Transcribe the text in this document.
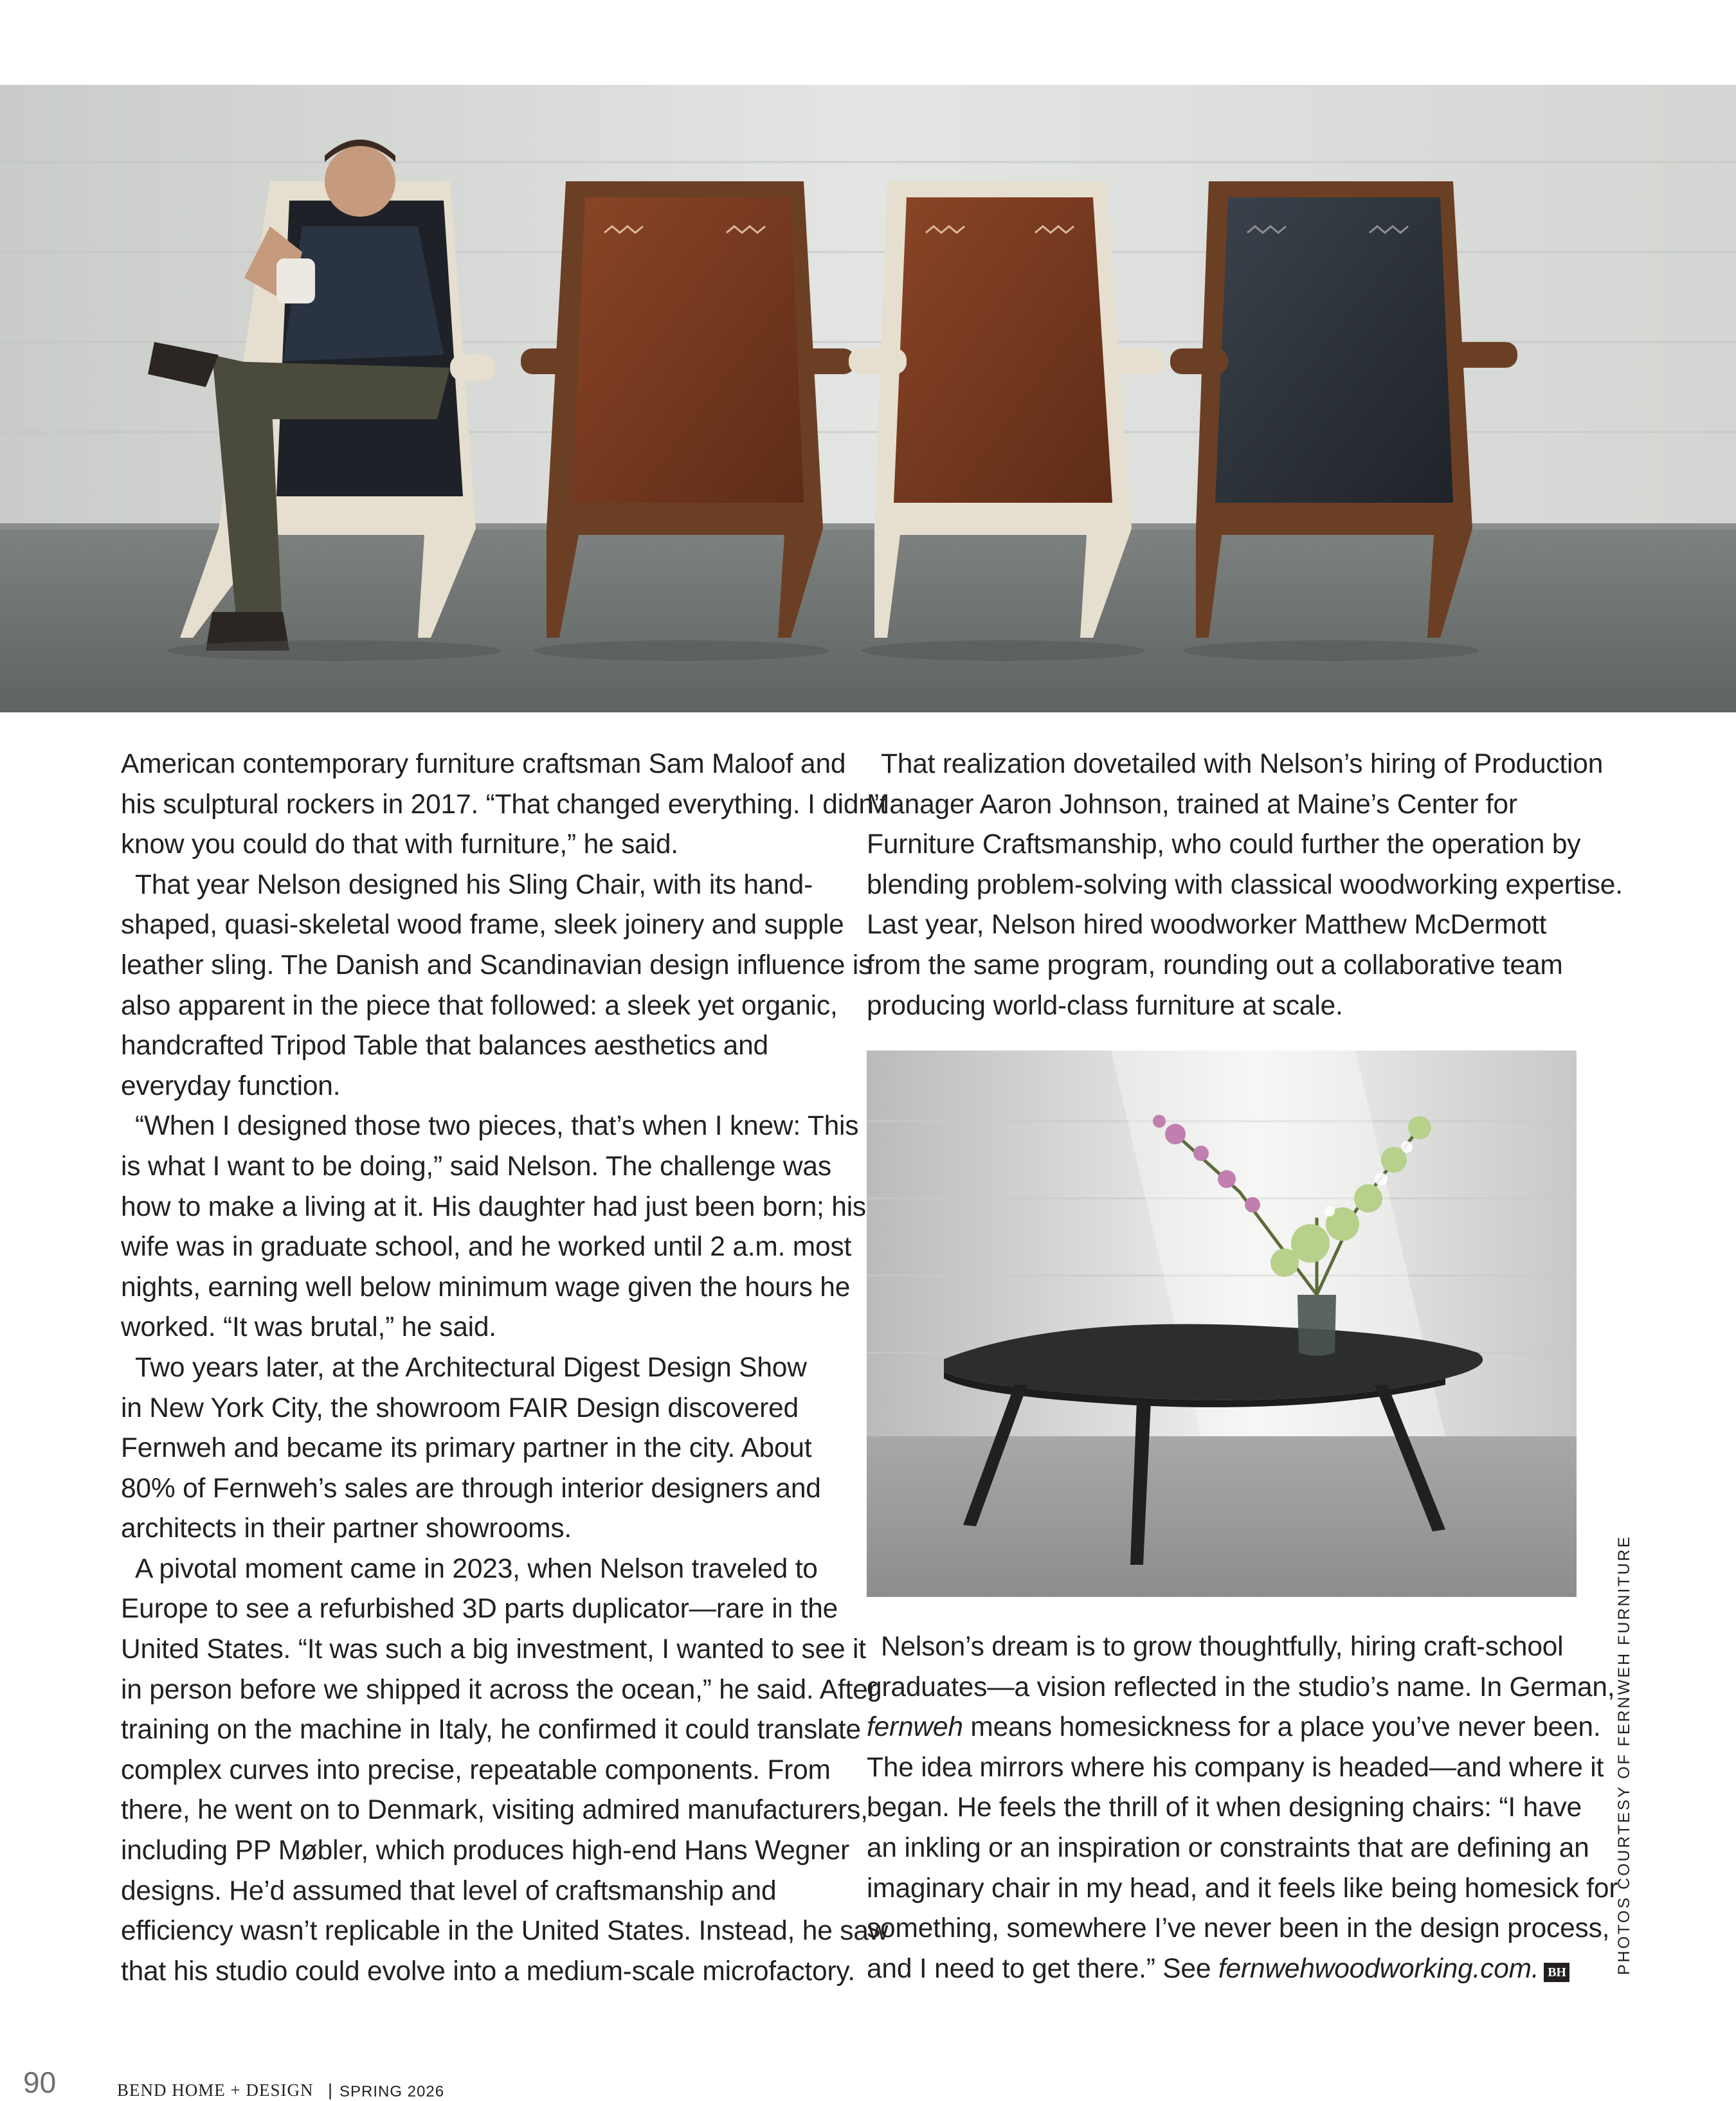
American contemporary furniture craftsman Sam Maloof and

his sculptural rockers in 2017. “That changed everything. I didn’t

know you could do that with furniture,” he said.

That year Nelson designed his Sling Chair, with its hand-

shaped, quasi-skeletal wood frame, sleek joinery and supple

leather sling. The Danish and Scandinavian design influence is

also apparent in the piece that followed: a sleek yet organic,

handcrafted Tripod Table that balances aesthetics and

everyday function.

“When I designed those two pieces, that’s when I knew: This

is what I want to be doing,” said Nelson. The challenge was

how to make a living at it. His daughter had just been born; his

wife was in graduate school, and he worked until 2 a.m. most

nights, earning well below minimum wage given the hours he

worked. “It was brutal,” he said.

Two years later, at the Architectural Digest Design Show

in New York City, the showroom FAIR Design discovered

Fernweh and became its primary partner in the city. About

80% of Fernweh’s sales are through interior designers and

architects in their partner showrooms.

A pivotal moment came in 2023, when Nelson traveled to

Europe to see a refurbished 3D parts duplicator—rare in the

United States. “It was such a big investment, I wanted to see it

in person before we shipped it across the ocean,” he said. After

training on the machine in Italy, he confirmed it could translate

complex curves into precise, repeatable components. From

there, he went on to Denmark, visiting admired manufacturers,

including PP Møbler, which produces high-end Hans Wegner

designs. He’d assumed that level of craftsmanship and

efficiency wasn’t replicable in the United States. Instead, he saw

that his studio could evolve into a medium-scale microfactory.

That realization dovetailed with Nelson’s hiring of Production

Manager Aaron Johnson, trained at Maine’s Center for

Furniture Craftsmanship, who could further the operation by

blending problem-solving with classical woodworking expertise.

Last year, Nelson hired woodworker Matthew McDermott

from the same program, rounding out a collaborative team

producing world-class furniture at scale.

Nelson’s dream is to grow thoughtfully, hiring craft-school

graduates—a vision reflected in the studio’s name. In German,

fernweh means homesickness for a place you’ve never been.

The idea mirrors where his company is headed—and where it

began. He feels the thrill of it when designing chairs: “I have

an inkling or an inspiration or constraints that are defining an

imaginary chair in my head, and it feels like being homesick for

something, somewhere I’ve never been in the design process,

and I need to get there.” See fernwehwoodworking.com. BH	PHOTOS COURTESY OF FERNWEH FURNITURE
90	BEND HOME + DESIGN | SPRING 2026
